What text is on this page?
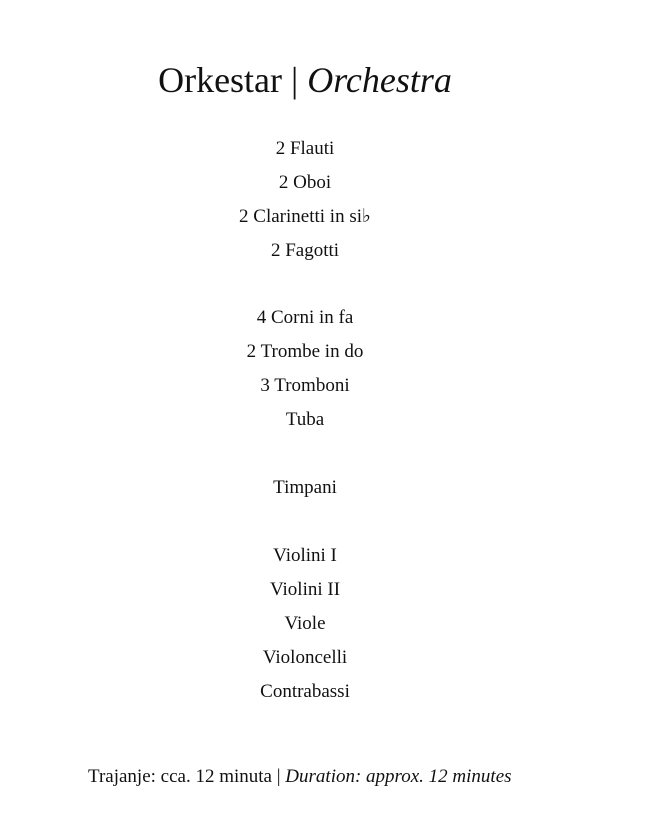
Orkestar | Orchestra
2 Flauti
2 Oboi
2 Clarinetti in si♭
2 Fagotti
4 Corni in fa
2 Trombe in do
3 Tromboni
Tuba
Timpani
Violini I
Violini II
Viole
Violoncelli
Contrabassi
Trajanje: cca. 12 minuta | Duration: approx. 12 minutes
